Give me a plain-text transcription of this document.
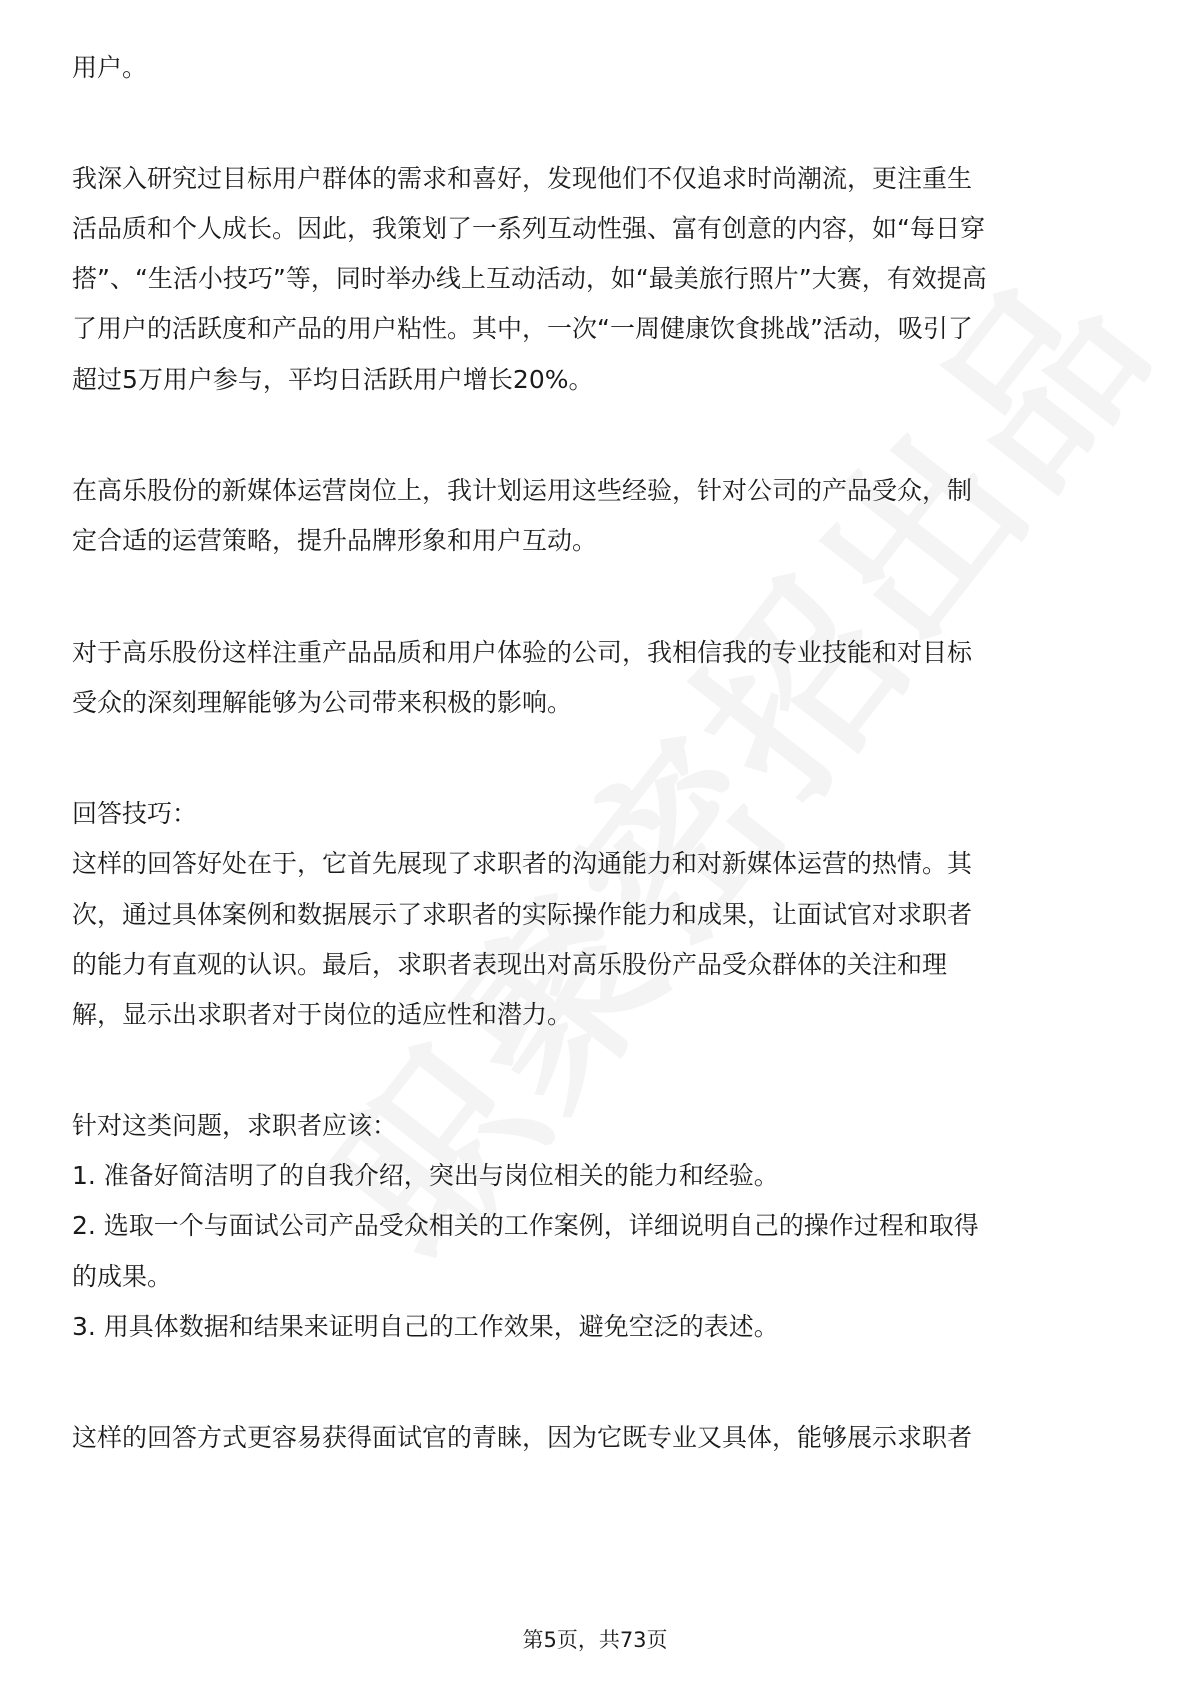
用户。
我深入研究过目标用户群体的需求和喜好，发现他们不仅追求时尚潮流，更注重生
活品质和个人成长。因此，我策划了一系列互动性强、富有创意的内容，如“每日穿
搭”、“生活小技巧”等，同时举办线上互动活动，如“最美旅行照片”大赛，有效提高
了用户的活跃度和产品的用户粘性。其中，一次“一周健康饮食挑战”活动，吸引了
超过5万用户参与，平均日活跃用户增长20%。
在高乐股份的新媒体运营岗位上，我计划运用这些经验，针对公司的产品受众，制
定合适的运营策略，提升品牌形象和用户互动。
对于高乐股份这样注重产品品质和用户体验的公司，我相信我的专业技能和对目标
受众的深刻理解能够为公司带来积极的影响。
回答技巧：
这样的回答好处在于，它首先展现了求职者的沟通能力和对新媒体运营的热情。其
次，通过具体案例和数据展示了求职者的实际操作能力和成果，让面试官对求职者
的能力有直观的认识。最后，求职者表现出对高乐股份产品受众群体的关注和理
解，显示出求职者对于岗位的适应性和潜力。
针对这类问题，求职者应该：
1. 准备好简洁明了的自我介绍，突出与岗位相关的能力和经验。
2. 选取一个与面试公司产品受众相关的工作案例，详细说明自己的操作过程和取得
的成果。
3. 用具体数据和结果来证明自己的工作效果，避免空泛的表述。
这样的回答方式更容易获得面试官的青睐，因为它既专业又具体，能够展示求职者
第5页，共73页
